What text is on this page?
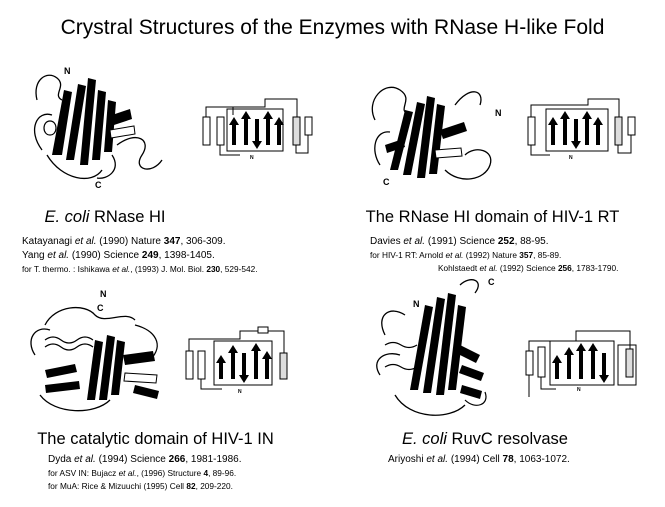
Crystral Structures of the Enzymes with RNase H-like Fold
N
C
N
E. coli RNase HI
Katayanagi et al. (1990) Nature 347, 306-309.
Yang et al. (1990) Science 249, 1398-1405.
for T. thermo. : Ishikawa et al., (1993) J. Mol. Biol. 230, 529-542.
N
C
N
The RNase HI domain of HIV-1 RT
Davies et al. (1991) Science 252, 88-95.
for HIV-1 RT: Arnold et al. (1992) Nature 357, 85-89.
Kohlstaedt et al. (1992) Science 256, 1783-1790.
N
C
N
The catalytic domain of HIV-1 IN
Dyda et al. (1994) Science 266, 1981-1986.
for ASV IN: Bujacz et al., (1996) Structure 4, 89-96.
for MuA: Rice & Mizuuchi (1995) Cell 82, 209-220.
N
C
N
E. coli RuvC resolvase
Ariyoshi et al. (1994) Cell 78, 1063-1072.
